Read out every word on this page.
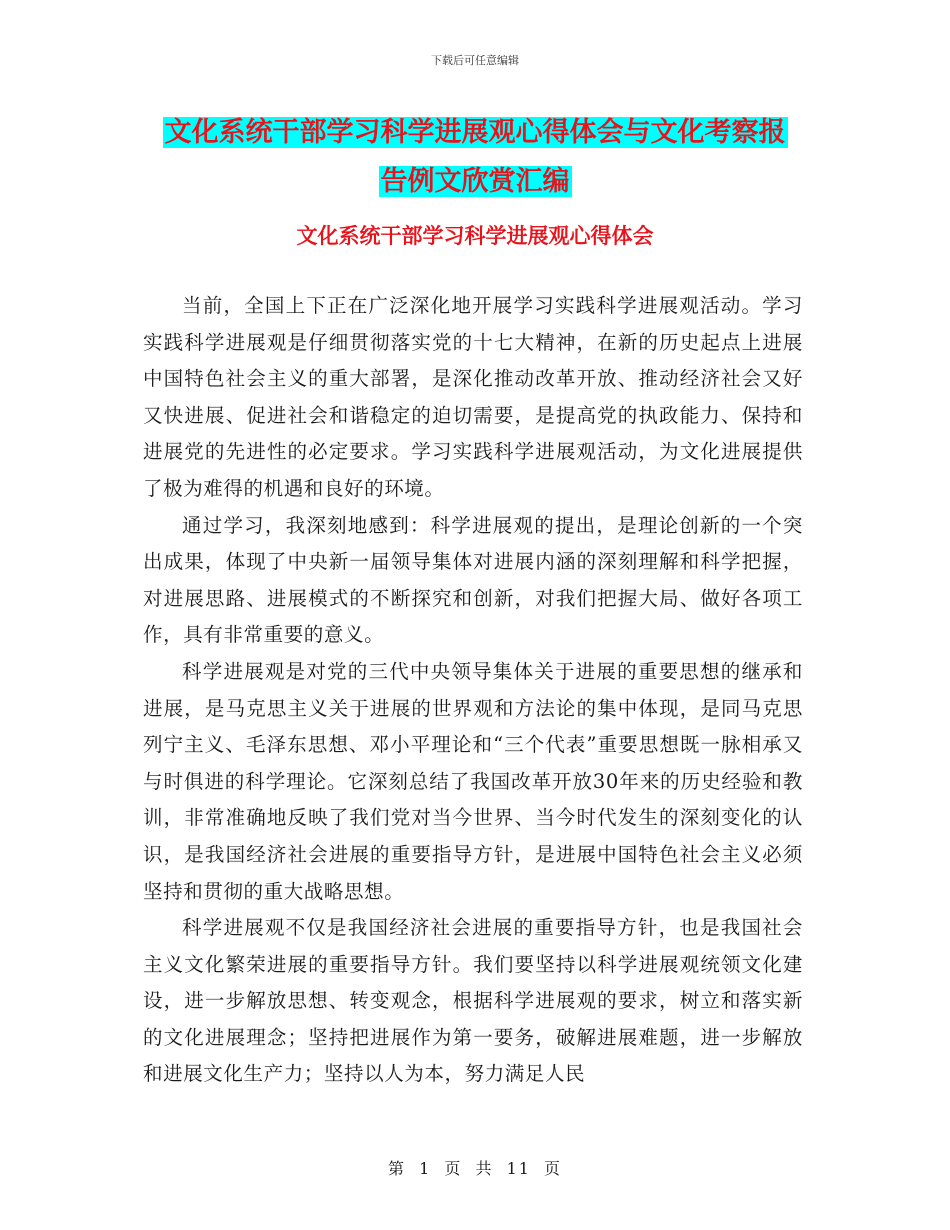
下载后可任意编辑
文化系统干部学习科学进展观心得体会与文化考察报
告例文欣赏汇编
文化系统干部学习科学进展观心得体会

当前，全国上下正在广泛深化地开展学习实践科学进展观活动。学习实践科学进展观是仔细贯彻落实党的十七大精神，在新的历史起点上进展中国特色社会主义的重大部署，是深化推动改革开放、推动经济社会又好又快进展、促进社会和谐稳定的迫切需要，是提高党的执政能力、保持和进展党的先进性的必定要求。学习实践科学进展观活动，为文化进展提供了极为难得的机遇和良好的环境。

通过学习，我深刻地感到：科学进展观的提出，是理论创新的一个突出成果，体现了中央新一届领导集体对进展内涵的深刻理解和科学把握，对进展思路、进展模式的不断探究和创新，对我们把握大局、做好各项工作，具有非常重要的意义。

科学进展观是对党的三代中央领导集体关于进展的重要思想的继承和进展，是马克思主义关于进展的世界观和方法论的集中体现，是同马克思列宁主义、毛泽东思想、邓小平理论和“三个代表”重要思想既一脉相承又与时俱进的科学理论。它深刻总结了我国改革开放30年来的历史经验和教训，非常准确地反映了我们党对当今世界、当今时代发生的深刻变化的认识，是我国经济社会进展的重要指导方针，是进展中国特色社会主义必须坚持和贯彻的重大战略思想。

科学进展观不仅是我国经济社会进展的重要指导方针，也是我国社会主义文化繁荣进展的重要指导方针。我们要坚持以科学进展观统领文化建设，进一步解放思想、转变观念，根据科学进展观的要求，树立和落实新的文化进展理念；坚持把进展作为第一要务，破解进展难题，进一步解放和进展文化生产力；坚持以人为本，努力满足人民

第 1 页 共 11 页
